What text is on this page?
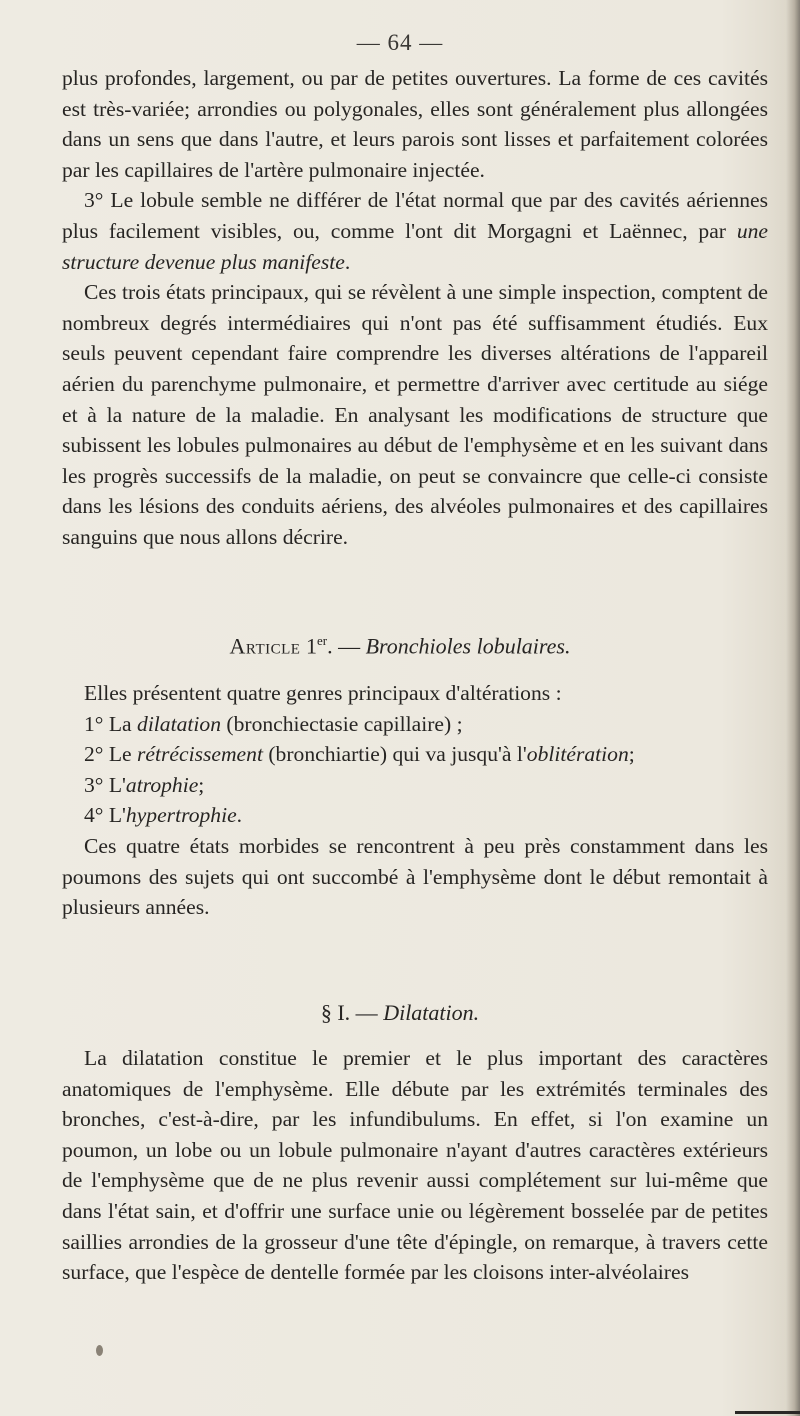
— 64 —

plus profondes, largement, ou par de petites ouvertures. La forme de ces cavités est très-variée; arrondies ou polygonales, elles sont généralement plus allongées dans un sens que dans l'autre, et leurs parois sont lisses et parfaitement colorées par les capillaires de l'artère pulmonaire injectée.

3° Le lobule semble ne différer de l'état normal que par des cavités aériennes plus facilement visibles, ou, comme l'ont dit Morgagni et Laënnec, par une structure devenue plus manifeste.

Ces trois états principaux, qui se révèlent à une simple inspection, comptent de nombreux degrés intermédiaires qui n'ont pas été suffisamment étudiés. Eux seuls peuvent cependant faire comprendre les diverses altérations de l'appareil aérien du parenchyme pulmonaire, et permettre d'arriver avec certitude au siége et à la nature de la maladie. En analysant les modifications de structure que subissent les lobules pulmonaires au début de l'emphysème et en les suivant dans les progrès successifs de la maladie, on peut se convaincre que celle-ci consiste dans les lésions des conduits aériens, des alvéoles pulmonaires et des capillaires sanguins que nous allons décrire.

Article 1er. — Bronchioles lobulaires.

Elles présentent quatre genres principaux d'altérations :

1° La dilatation (bronchiectasie capillaire) ;

2° Le rétrécissement (bronchiartie) qui va jusqu'à l'oblitération;

3° L'atrophie;

4° L'hypertrophie.

Ces quatre états morbides se rencontrent à peu près constamment dans les poumons des sujets qui ont succombé à l'emphysème dont le début remontait à plusieurs années.

§ I. — Dilatation.

La dilatation constitue le premier et le plus important des caractères anatomiques de l'emphysème. Elle débute par les extrémités terminales des bronches, c'est-à-dire, par les infundibulums. En effet, si l'on examine un poumon, un lobe ou un lobule pulmonaire n'ayant d'autres caractères extérieurs de l'emphysème que de ne plus revenir aussi complétement sur lui-même que dans l'état sain, et d'offrir une surface unie ou légèrement bosselée par de petites saillies arrondies de la grosseur d'une tête d'épingle, on remarque, à travers cette surface, que l'espèce de dentelle formée par les cloisons inter-alvéolaires
